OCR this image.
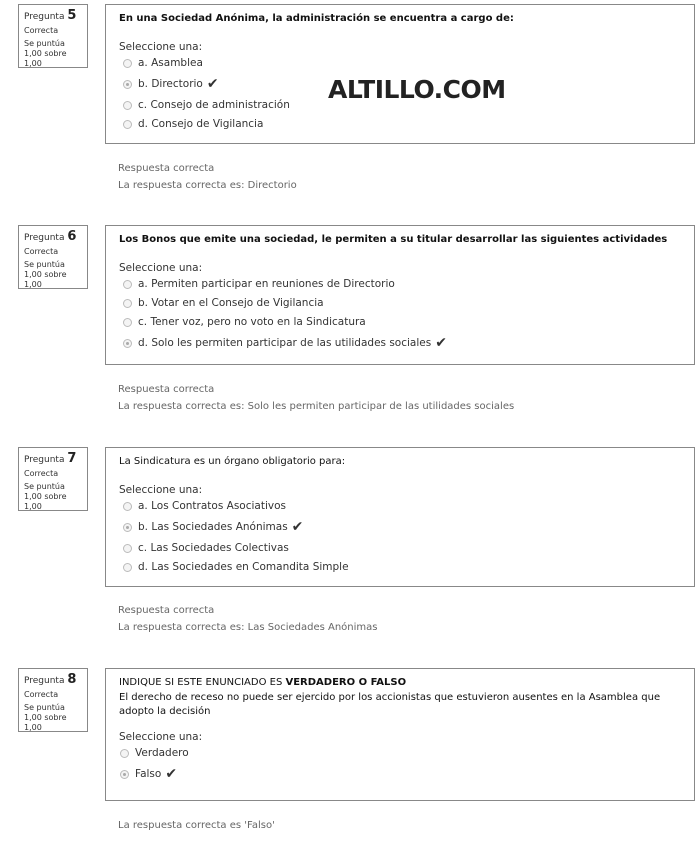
Pregunta 5
Correcta
Se puntúa 1,00 sobre 1,00
En una Sociedad Anónima, la administración se encuentra a cargo de:
Seleccione una:
a. Asamblea
b. Directorio ✔
c. Consejo de administración
d. Consejo de Vigilancia
Respuesta correcta
La respuesta correcta es: Directorio
ALTILLO.COM
Pregunta 6
Correcta
Se puntúa 1,00 sobre 1,00
Los Bonos que emite una sociedad, le permiten a su titular desarrollar las siguientes actividades
Seleccione una:
a. Permiten participar en reuniones de Directorio
b. Votar en el Consejo de Vigilancia
c. Tener voz, pero no voto en la Sindicatura
d. Solo les permiten participar de las utilidades sociales ✔
Respuesta correcta
La respuesta correcta es: Solo les permiten participar de las utilidades sociales
Pregunta 7
Correcta
Se puntúa 1,00 sobre 1,00
La Sindicatura es un órgano obligatorio para:
Seleccione una:
a. Los Contratos Asociativos
b. Las Sociedades Anónimas ✔
c. Las Sociedades Colectivas
d. Las Sociedades en Comandita Simple
Respuesta correcta
La respuesta correcta es: Las Sociedades Anónimas
Pregunta 8
Correcta
Se puntúa 1,00 sobre 1,00
INDIQUE SI ESTE ENUNCIADO ES VERDADERO O FALSO
El derecho de receso no puede ser ejercido por los accionistas que estuvieron ausentes en la Asamblea que adopto la decisión
Seleccione una:
Verdadero
Falso ✔
La respuesta correcta es 'Falso'
